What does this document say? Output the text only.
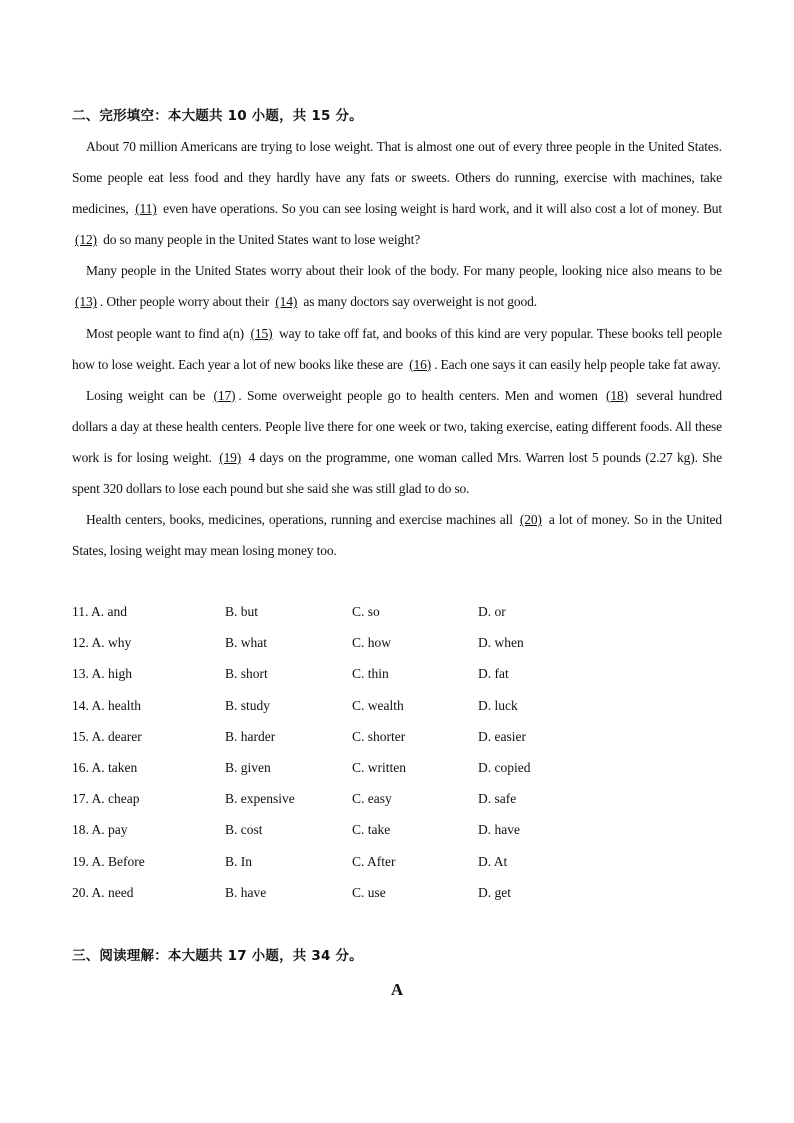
二、完形填空：本大题共 10 小题，共 15 分。

About 70 million Americans are trying to lose weight. That is almost one out of every three people in the United States. Some people eat less food and they hardly have any fats or sweets. Others do running, exercise with machines, take medicines, (11) even have operations. So you can see losing weight is hard work, and it will also cost a lot of money. But (12) do so many people in the United States want to lose weight?

Many people in the United States worry about their look of the body. For many people, looking nice also means to be (13) . Other people worry about their (14) as many doctors say overweight is not good.

Most people want to find a(n) (15) way to take off fat, and books of this kind are very popular. These books tell people how to lose weight. Each year a lot of new books like these are (16) . Each one says it can easily help people take fat away.

Losing weight can be (17) . Some overweight people go to health centers. Men and women (18) several hundred dollars a day at these health centers. People live there for one week or two, taking exercise, eating different foods. All these work is for losing weight. (19) 4 days on the programme, one woman called Mrs. Warren lost 5 pounds (2.27 kg). She spent 320 dollars to lose each pound but she said she was still glad to do so.

Health centers, books, medicines, operations, running and exercise machines all (20) a lot of money. So in the United States, losing weight may mean losing money too.

11. A. and	B. but	C. so	D. or
12. A. why	B. what	C. how	D. when
13. A. high	B. short	C. thin	D. fat
14. A. health	B. study	C. wealth	D. luck
15. A. dearer	B. harder	C. shorter	D. easier
16. A. taken	B. given	C. written	D. copied
17. A. cheap	B. expensive	C. easy	D. safe
18. A. pay	B. cost	C. take	D. have
19. A. Before	B. In	C. After	D. At
20. A. need	B. have	C. use	D. get
三、阅读理解：本大题共 17 小题，共 34 分。
A
